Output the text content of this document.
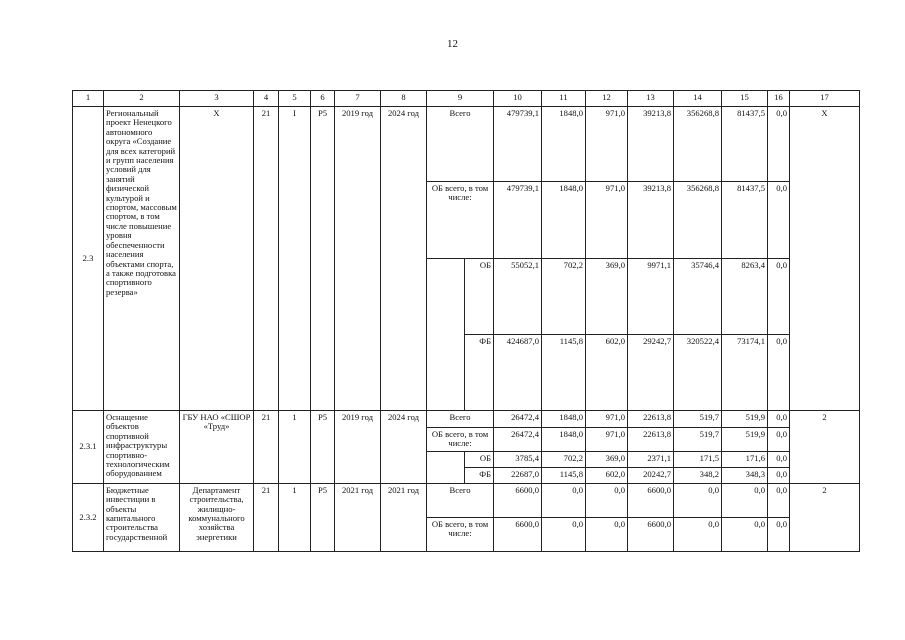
12
1	2	3	4	5	6	7	8	9		10	11	12	13	14	15	16	17
2.3	Региональный проект Ненецкого автономного округа «Создание для всех категорий и групп населения условий для занятий физической культурой и спортом, массовым спортом, в том числе повышение уровня обеспеченности населения объектами спорта, а также подготовка спортивного резерва»	Х	21	I	Р5	2019 год	2024 год	Всего		479739,1	1848,0	971,0	39213,8	356268,8	81437,5	0,0	Х
								ОБ всего, в том числе:		479739,1	1848,0	971,0	39213,8	356268,8	81437,5	0,0	
									ОБ	55052,1	702,2	369,0	9971,1	35746,4	8263,4	0,0	
									ФБ	424687,0	1145,8	602,0	29242,7	320522,4	73174,1	0,0	
2.3.1	Оснащение объектов спортивной инфраструктуры спортивно-технологическим оборудованием	ГБУ НАО «СШОР «Труд»	21	1	Р5	2019 год	2024 год	Всего		26472,4	1848,0	971,0	22613,8	519,7	519,9	0,0	2
								ОБ всего, в том числе:		26472,4	1848,0	971,0	22613,8	519,7	519,9	0,0	
									ОБ	3785,4	702,2	369,0	2371,1	171,5	171,6	0,0	
									ФБ	22687,0	1145,8	602,0	20242,7	348,2	348,3	0,0	
2.3.2	Бюджетные инвестиции в объекты капитального строительства государственной	Департамент строительства, жилищно-коммунального хозяйства энергетики	21	1	Р5	2021 год	2021 год	Всего		6600,0	0,0	0,0	6600,0	0,0	0,0	0,0	2
								ОБ всего, в том числе:		6600,0	0,0	0,0	6600,0	0,0	0,0	0,0	
